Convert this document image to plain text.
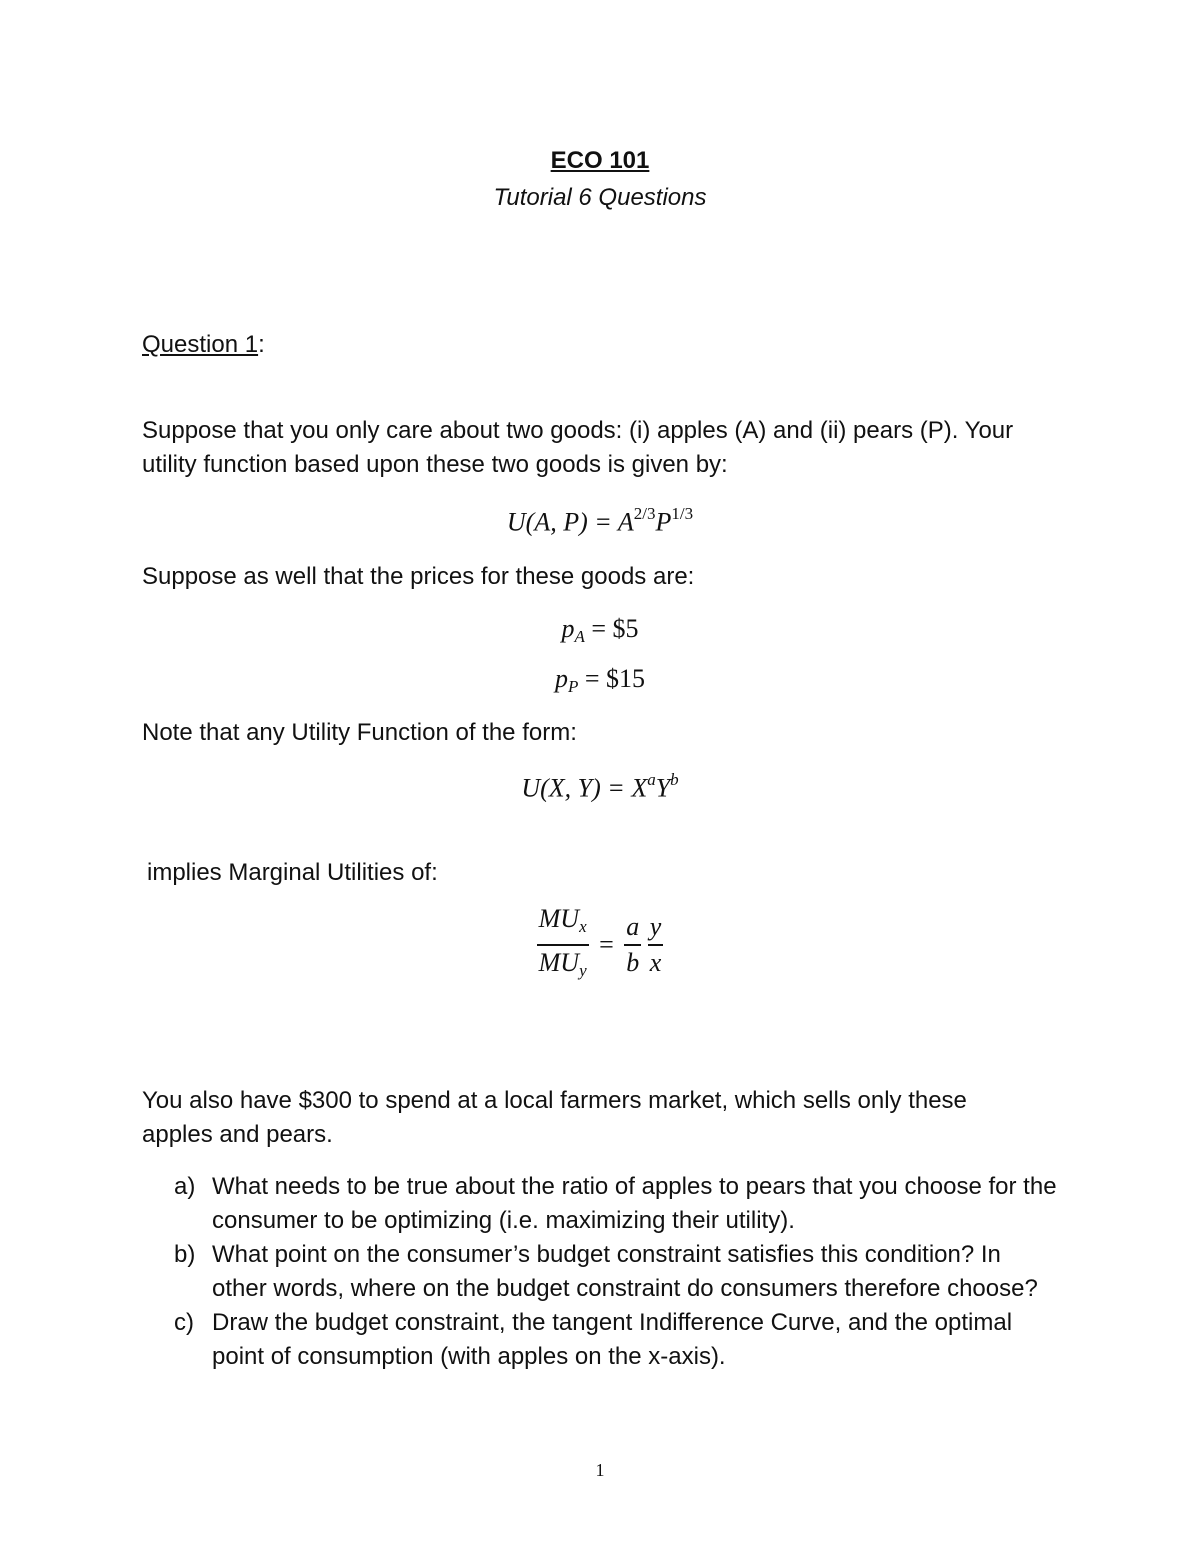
ECO 101
Tutorial 6 Questions
Question 1:
Suppose that you only care about two goods: (i) apples (A) and (ii) pears (P). Your
utility function based upon these two goods is given by:
U(A, $P) = A^{2/3}P^{1/3}$
Suppose as well that the prices for these goods are:
$p_A$ = $5
$p_P$ = $15
Note that any Utility Function of the form:
U(X, $Y) = X^aY^b$
implies Marginal Utilities of:
$\frac{MU_x}{MU_y} = \frac{a}{b}$
$\frac{y}{x}$
You also have $300 to spend at a local farmers market, which sells only these
apples and pears.
a) What needs to be true about the ratio of apples to pears that you choose for the consumer to be optimizing (i.e. maximizing their utility).
b) What point on the consumer’s budget constraint satisfies this condition? In other words, where on the budget constraint do consumers therefore choose?
c) Draw the budget constraint, the tangent Indifference Curve, and the optimal point of consumption (with apples on the x-axis).
1
